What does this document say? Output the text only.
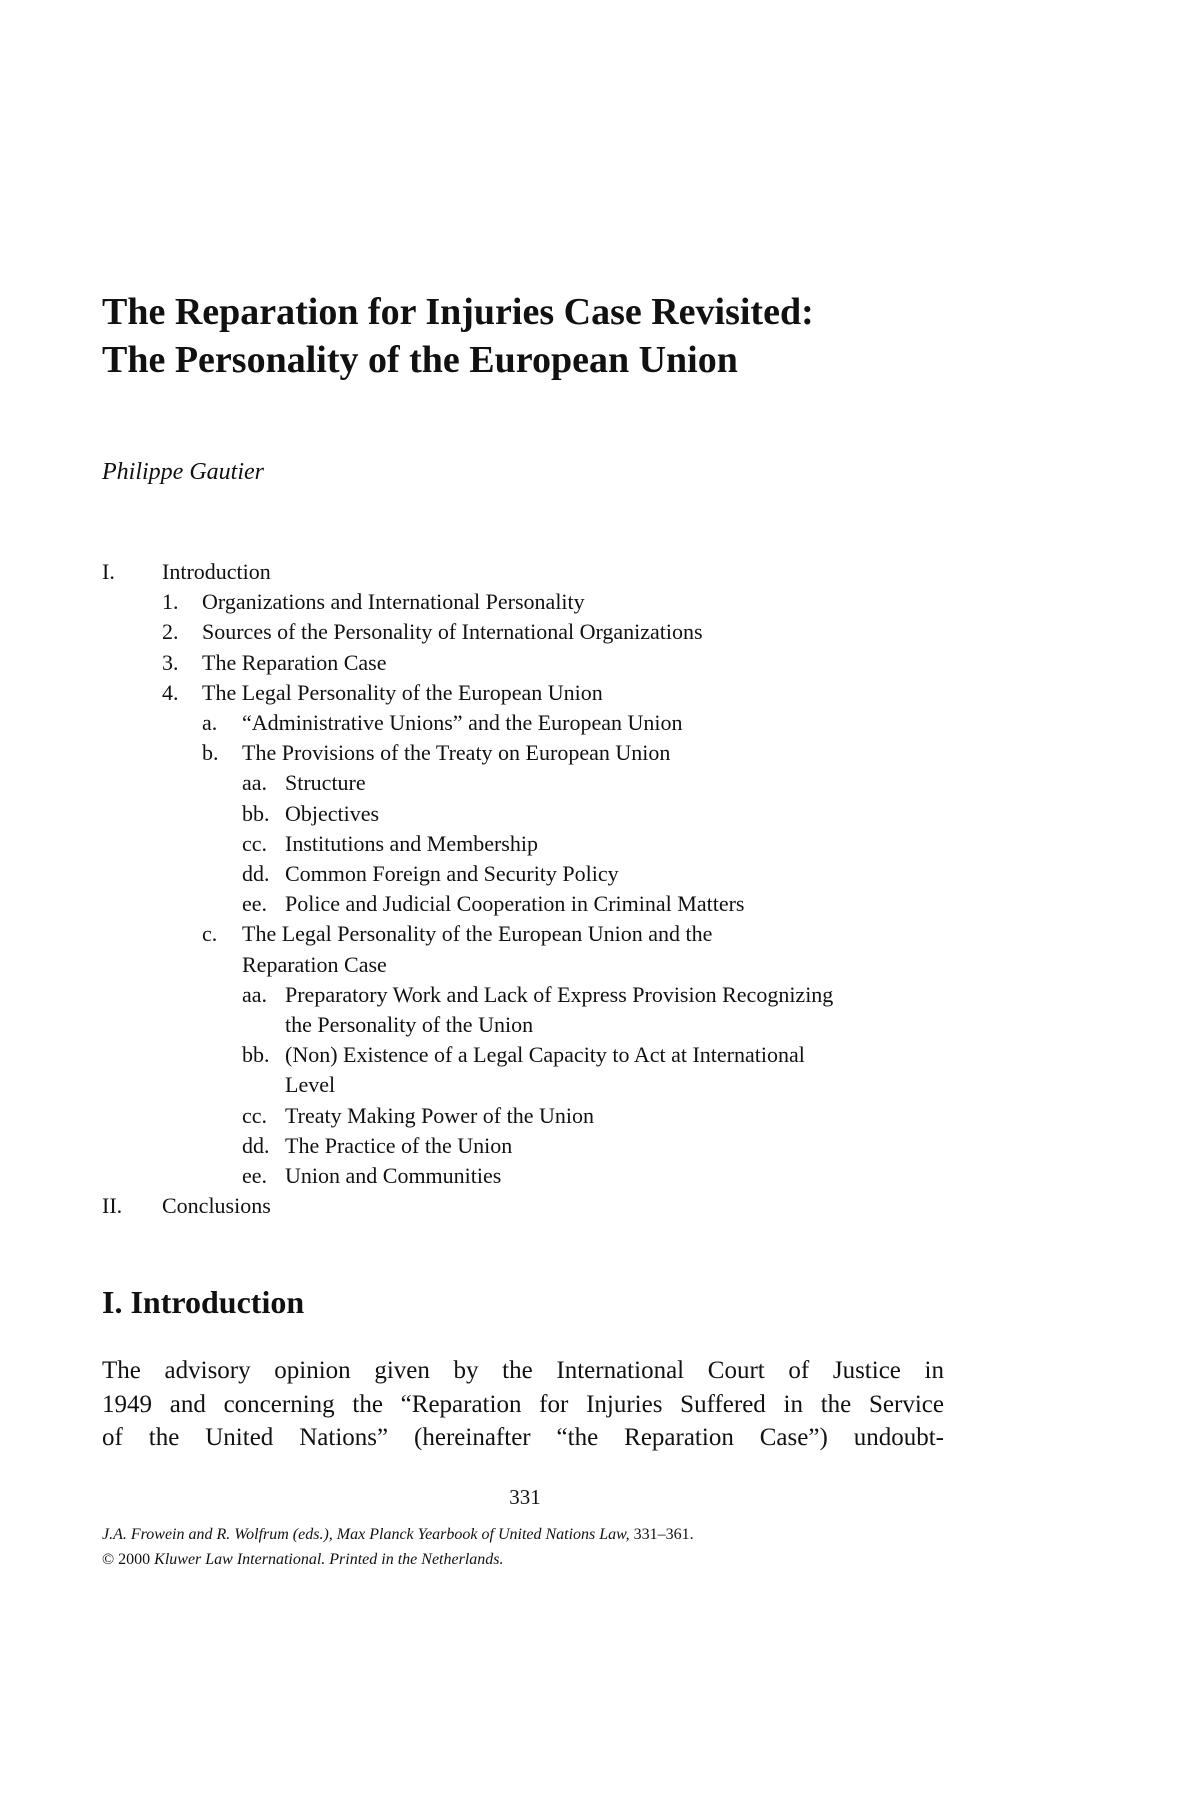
The Reparation for Injuries Case Revisited:
The Personality of the European Union
Philippe Gautier
I.	Introduction
1.	Organizations and International Personality
2.	Sources of the Personality of International Organizations
3.	The Reparation Case
4.	The Legal Personality of the European Union
a.	“Administrative Unions” and the European Union
b.	The Provisions of the Treaty on European Union
aa. Structure
bb. Objectives
cc. Institutions and Membership
dd. Common Foreign and Security Policy
ee. Police and Judicial Cooperation in Criminal Matters
c.	The Legal Personality of the European Union and the
Reparation Case
aa. Preparatory Work and Lack of Express Provision Recognizing
the Personality of the Union
bb. (Non) Existence of a Legal Capacity to Act at International
Level
cc. Treaty Making Power of the Union
dd. The Practice of the Union
ee. Union and Communities
II.	Conclusions
I. Introduction

The advisory opinion given by the International Court of Justice in
1949 and concerning the “Reparation for Injuries Suffered in the Service
of the United Nations” (hereinafter “the Reparation Case”) undoubt-

331
J.A. Frowein and R. Wolfrum (eds.), Max Planck Yearbook of United Nations Law, 331–361.
© 2000 Kluwer Law International. Printed in the Netherlands.
